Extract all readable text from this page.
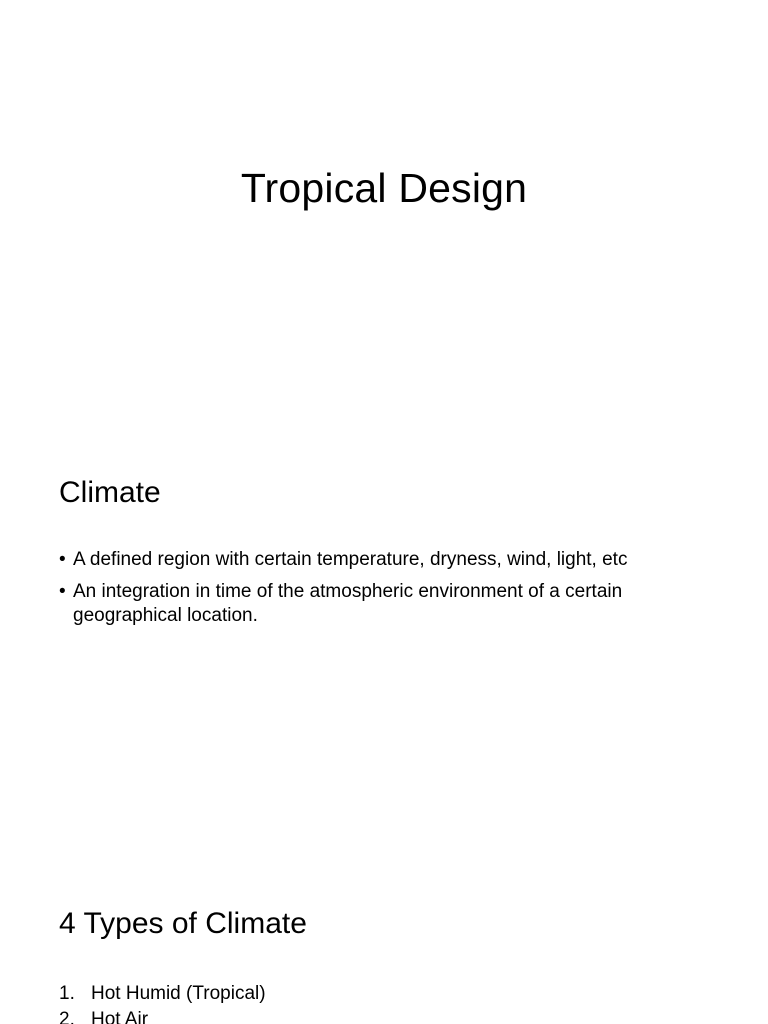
Tropical Design
Climate
• A defined region with certain temperature, dryness, wind, light, etc
• An integration in time of the atmospheric environment of a certain geographical location.
4 Types of Climate
1. Hot Humid (Tropical)
2. Hot Air
